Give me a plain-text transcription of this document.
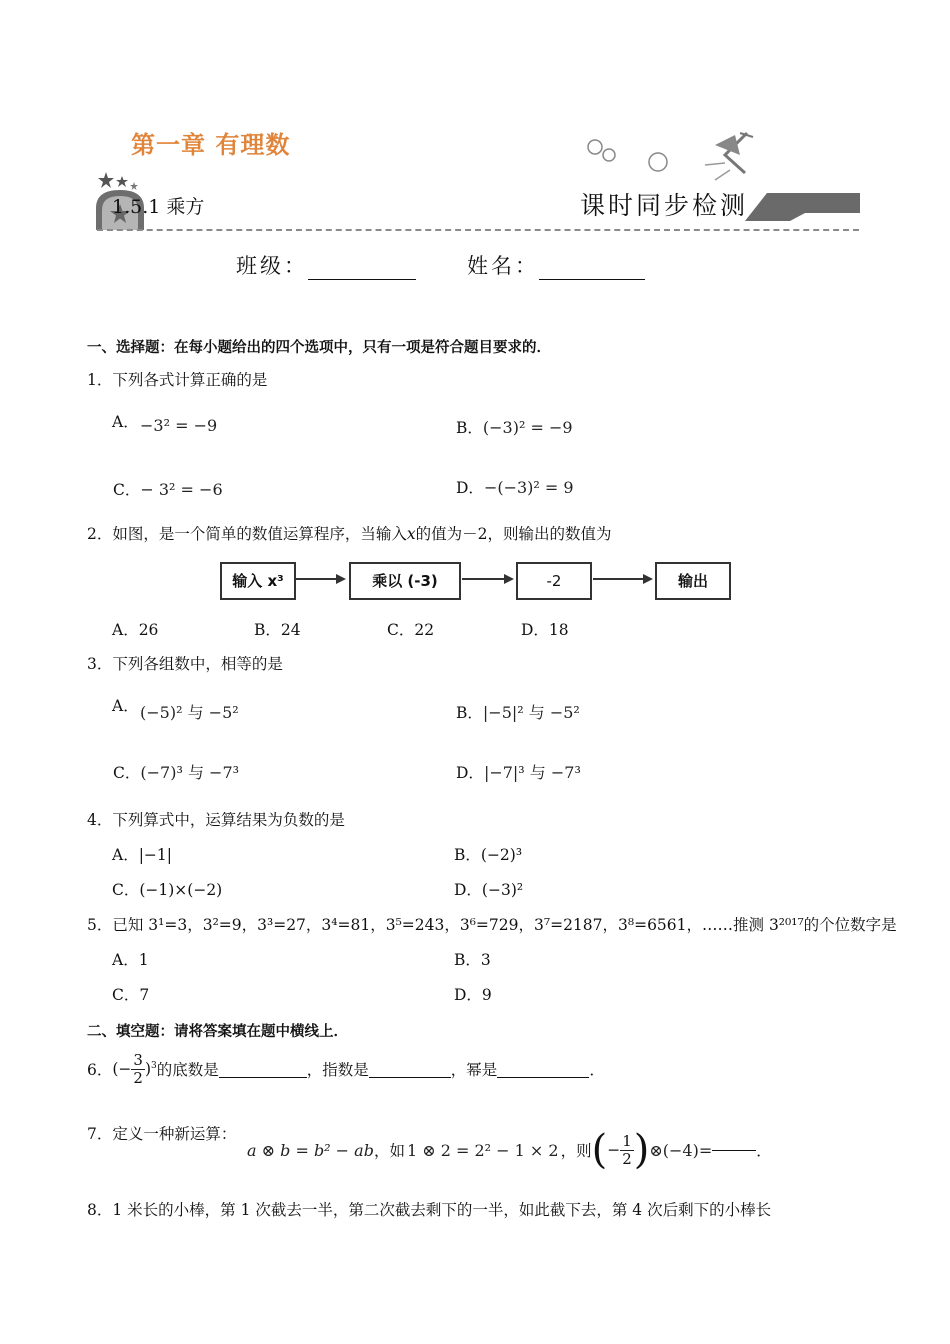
第一章 有理数
1.5.1 乘方	课时同步检测
班级：	姓名：
一、选择题：在每小题给出的四个选项中，只有一项是符合题目要求的．
1．下列各式计算正确的是
A． −3² = −9	B．(−3)² = −9
C．− 3² = −6	D．−(−3)² = 9
2．如图，是一个简单的数值运算程序，当输入x的值为－2，则输出的数值为
输入 x³	乘以 (-3)	-2	输出
A．26	B．24	C．22	D．18
3．下列各组数中，相等的是
A． (−5)² 与 −5²	B．|−5|² 与 −5²
C．(−7)³ 与 −7³	D．|−7|³ 与 −7³
4．下列算式中，运算结果为负数的是
A．|−1|	B．(−2)³
C．(−1)×(−2)	D．(−3)²
5．已知 3¹=3，3²=9，3³=27，3⁴=81，3⁵=243，3⁶=729，3⁷=2187，3⁸=6561，……推测 3²⁰¹⁷的个位数字是
A．1	B．3
C．7	D．9
二、填空题：请将答案填在题中横线上．
6． (− $\frac{3}{2} )^3$ 的底数是	，指数是	，幂是	．
7．定义一种新运算：
a ⊗ b = b² − ab ，如 1 ⊗ 2 = 2² − 1 × 2 ，则 ( − $\frac{1}{2}$ ) ⊗(−4)=	．
8．1 米长的小棒，第 1 次截去一半，第二次截去剩下的一半，如此截下去，第 4 次后剩下的小棒长
